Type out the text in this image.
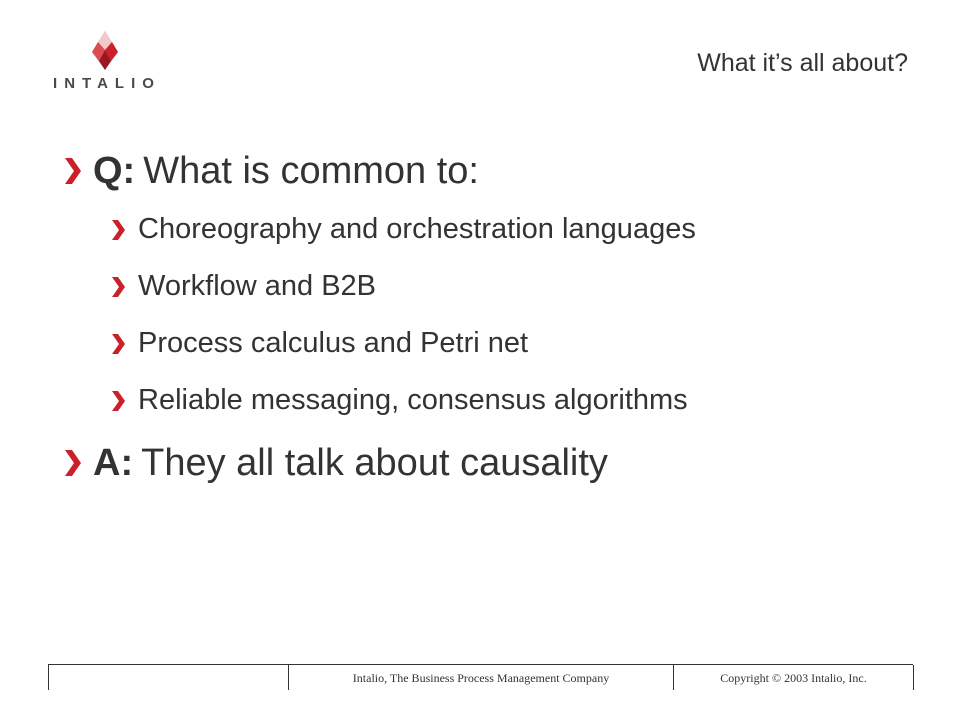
INTALIO
What it’s all about?
Q: What is common to:
Choreography and orchestration languages
Workflow and B2B
Process calculus and Petri net
Reliable messaging, consensus algorithms
A: They all talk about causality
Intalio, The Business Process Management Company	Copyright © 2003 Intalio, Inc.
